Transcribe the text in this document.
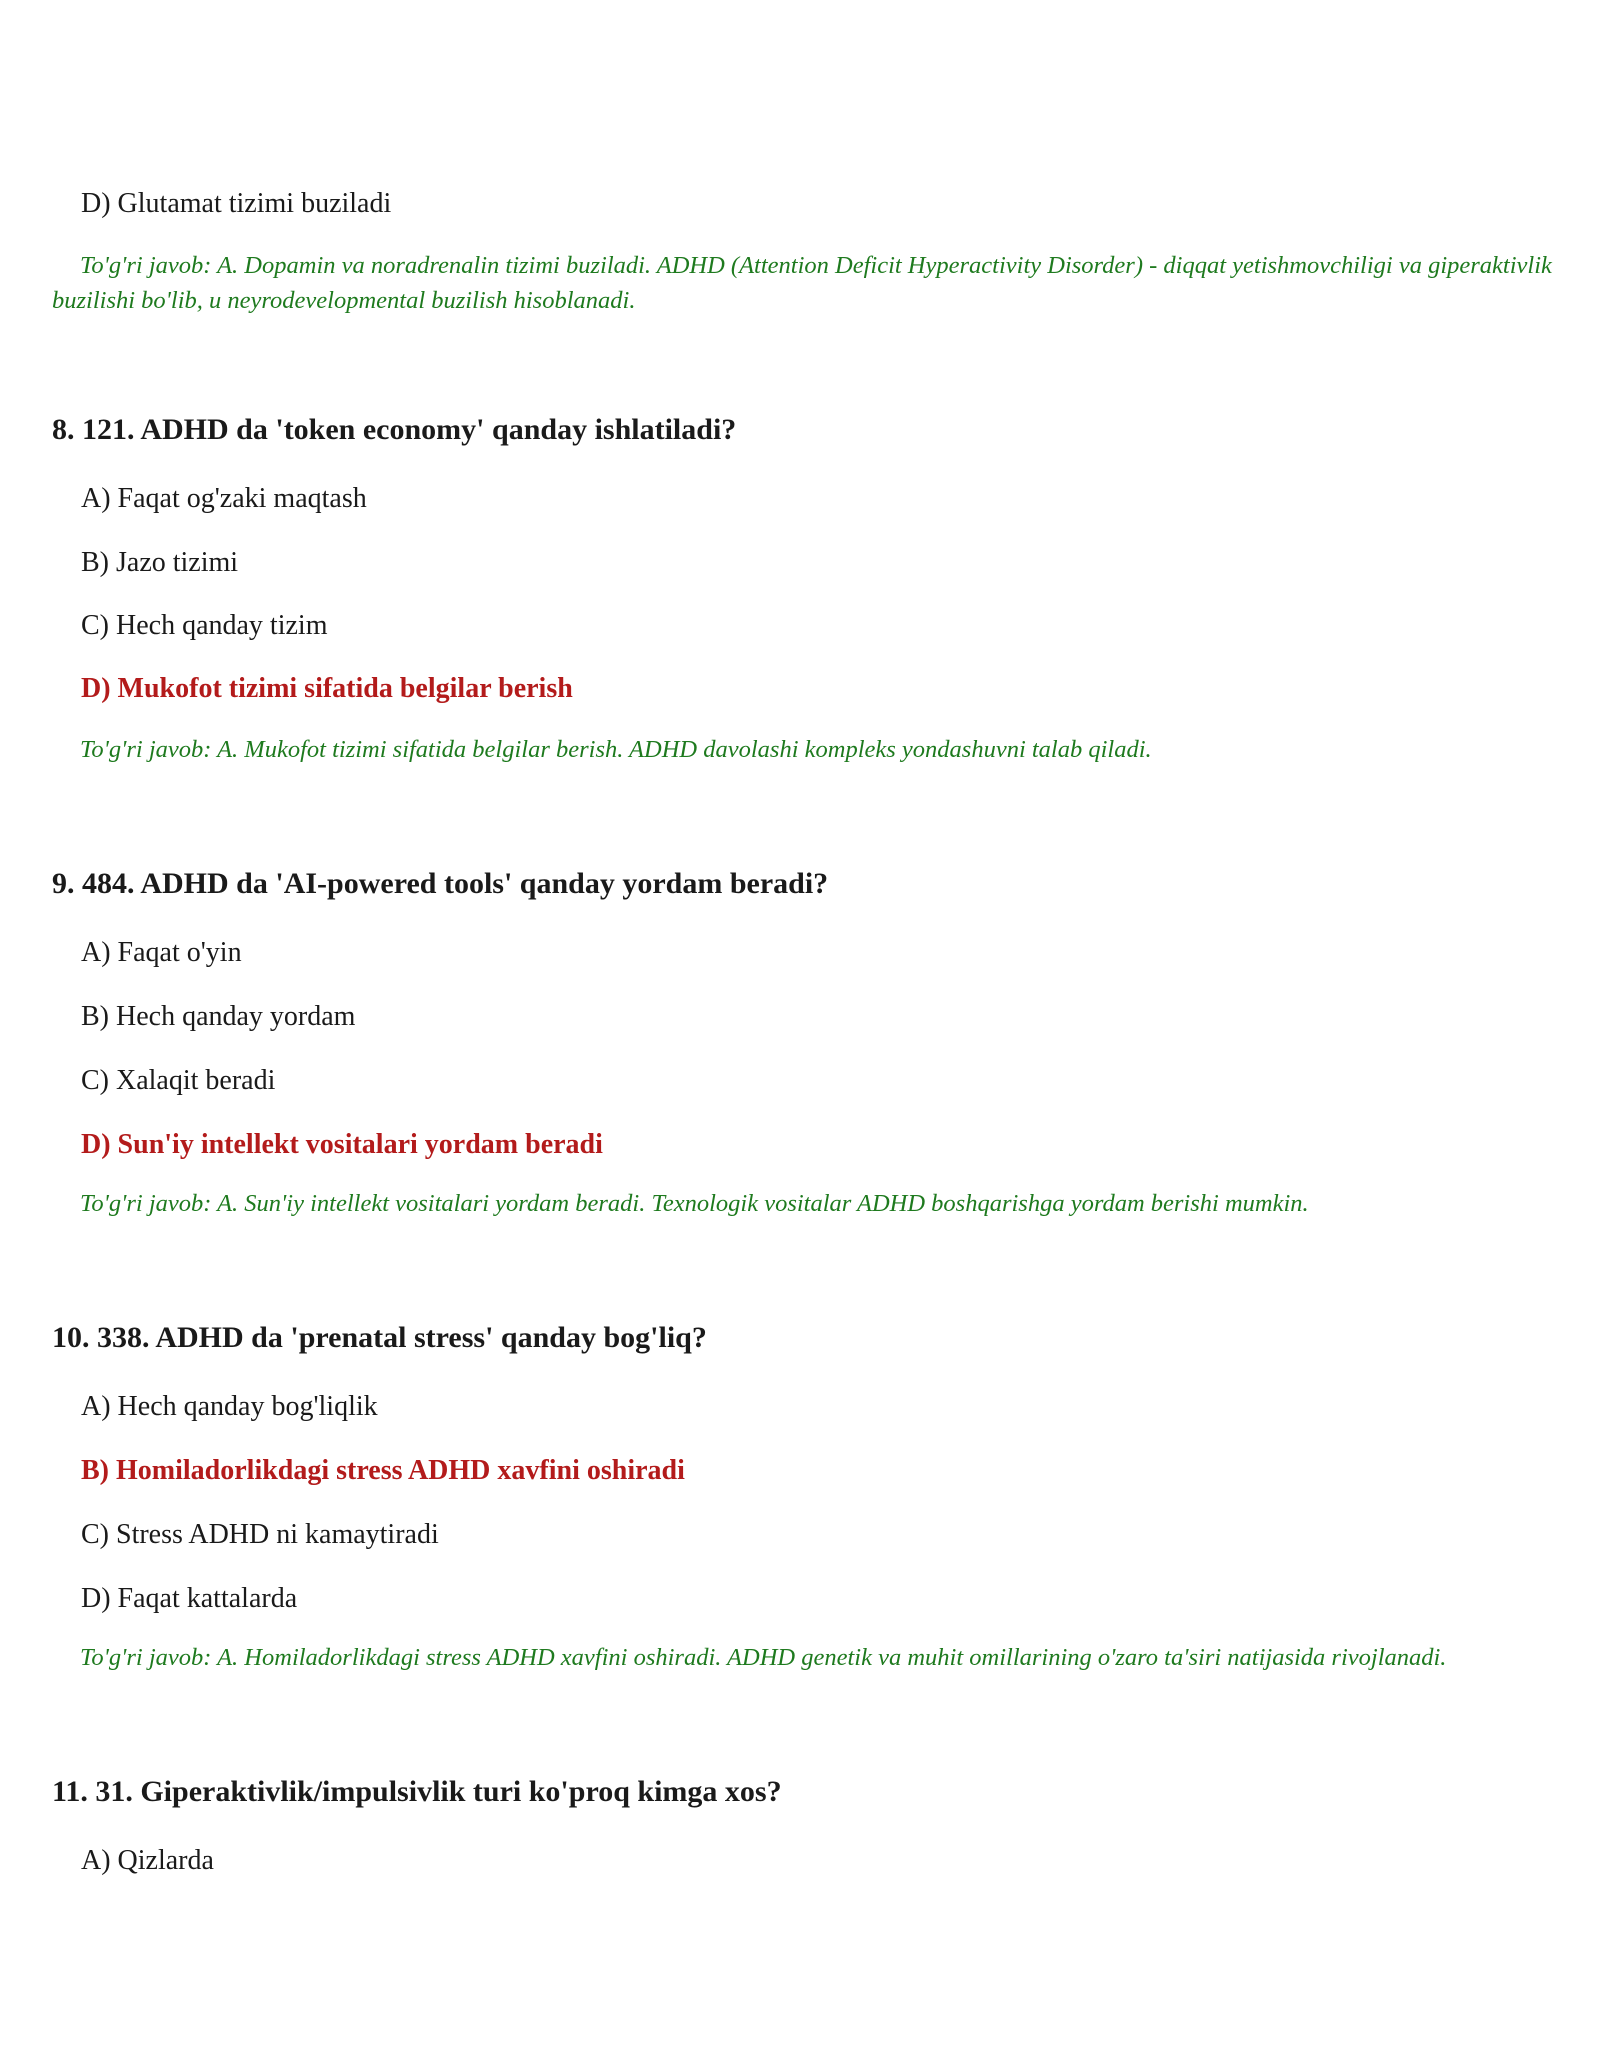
D) Glutamat tizimi buziladi
To'g'ri javob: A. Dopamin va noradrenalin tizimi buziladi. ADHD (Attention Deficit Hyperactivity Disorder) - diqqat yetishmovchiligi va giperaktivlik buzilishi bo'lib, u neyrodevelopmental buzilish hisoblanadi.
8. 121. ADHD da 'token economy' qanday ishlatiladi?
A) Faqat og'zaki maqtash
B) Jazo tizimi
C) Hech qanday tizim
D) Mukofot tizimi sifatida belgilar berish
To'g'ri javob: A. Mukofot tizimi sifatida belgilar berish. ADHD davolashi kompleks yondashuvni talab qiladi.
9. 484. ADHD da 'AI-powered tools' qanday yordam beradi?
A) Faqat o'yin
B) Hech qanday yordam
C) Xalaqit beradi
D) Sun'iy intellekt vositalari yordam beradi
To'g'ri javob: A. Sun'iy intellekt vositalari yordam beradi. Texnologik vositalar ADHD boshqarishga yordam berishi mumkin.
10. 338. ADHD da 'prenatal stress' qanday bog'liq?
A) Hech qanday bog'liqlik
B) Homiladorlikdagi stress ADHD xavfini oshiradi
C) Stress ADHD ni kamaytiradi
D) Faqat kattalarda
To'g'ri javob: A. Homiladorlikdagi stress ADHD xavfini oshiradi. ADHD genetik va muhit omillarining o'zaro ta'siri natijasida rivojlanadi.
11. 31. Giperaktivlik/impulsivlik turi ko'proq kimga xos?
A) Qizlarda
